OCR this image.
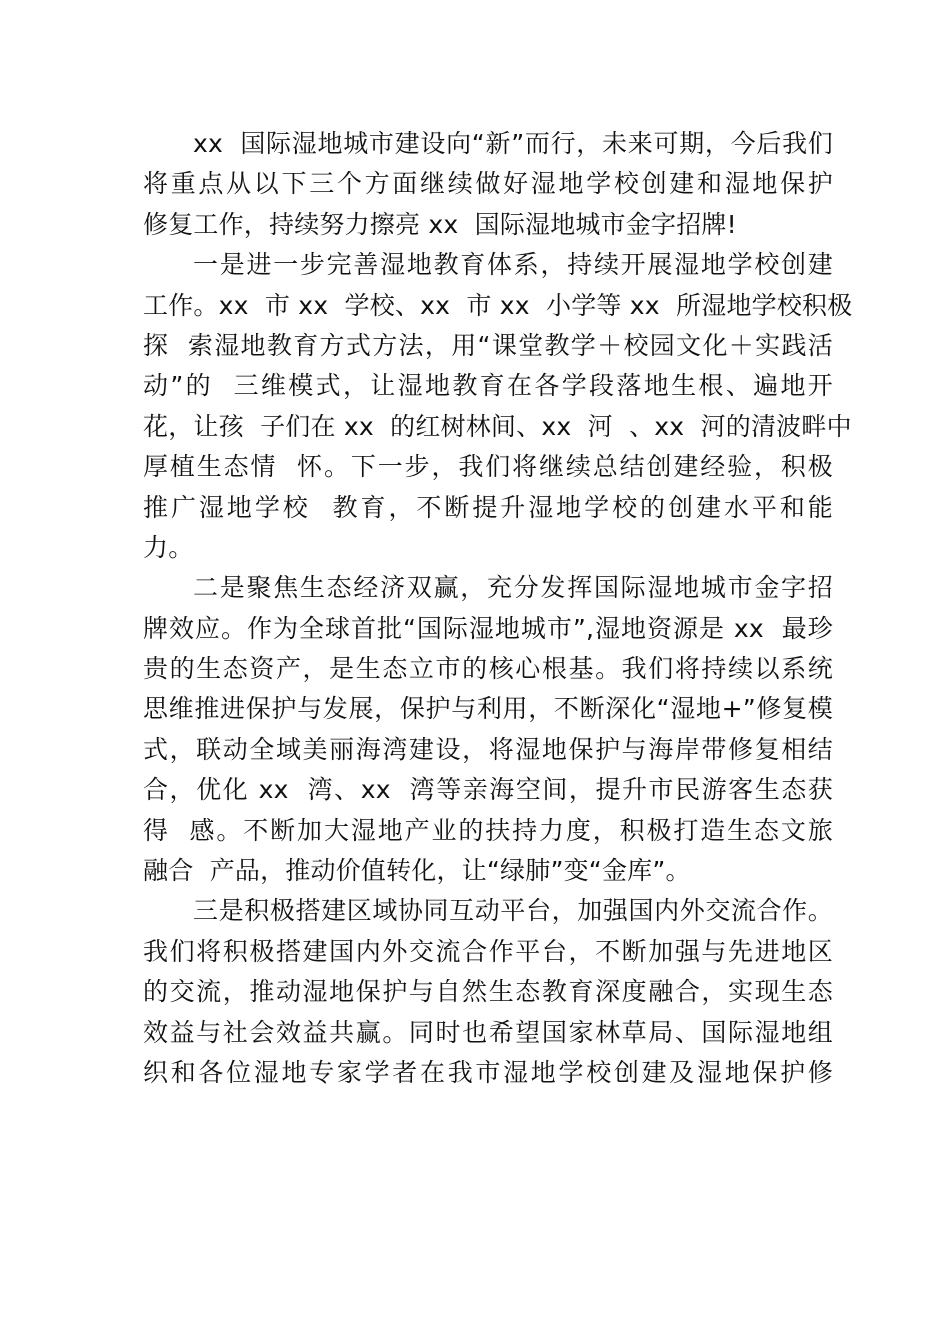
xx  国际湿地城市建设向“新”而行，未来可期，今后我们
将重点从以下三个方面继续做好湿地学校创建和湿地保护
修复工作，持续努力擦亮 xx  国际湿地城市金字招牌!
一是进一步完善湿地教育体系，持续开展湿地学校创建
工作。xx  市 xx  学校、xx  市 xx  小学等 xx  所湿地学校积极
探  索湿地教育方式方法，用“课堂教学＋校园文化＋实践活
动”的  三维模式，让湿地教育在各学段落地生根、遍地开
花，让孩  子们在 xx  的红树林间、xx  河  、xx  河的清波畔中
厚植生态情  怀。下一步，我们将继续总结创建经验，积极
推广湿地学校  教育，不断提升湿地学校的创建水平和能
力。
二是聚焦生态经济双赢，充分发挥国际湿地城市金字招
牌效应。作为全球首批“国际湿地城市”,湿地资源是 xx  最珍
贵的生态资产，是生态立市的核心根基。我们将持续以系统
思维推进保护与发展，保护与利用，不断深化“湿地+”修复模
式，联动全域美丽海湾建设，将湿地保护与海岸带修复相结
合，优化 xx  湾、xx  湾等亲海空间，提升市民游客生态获
得  感。不断加大湿地产业的扶持力度，积极打造生态文旅
融合  产品，推动价值转化，让“绿肺”变“金库”。
三是积极搭建区域协同互动平台，加强国内外交流合作。
我们将积极搭建国内外交流合作平台，不断加强与先进地区
的交流，推动湿地保护与自然生态教育深度融合，实现生态
效益与社会效益共赢。同时也希望国家林草局、国际湿地组
织和各位湿地专家学者在我市湿地学校创建及湿地保护修
